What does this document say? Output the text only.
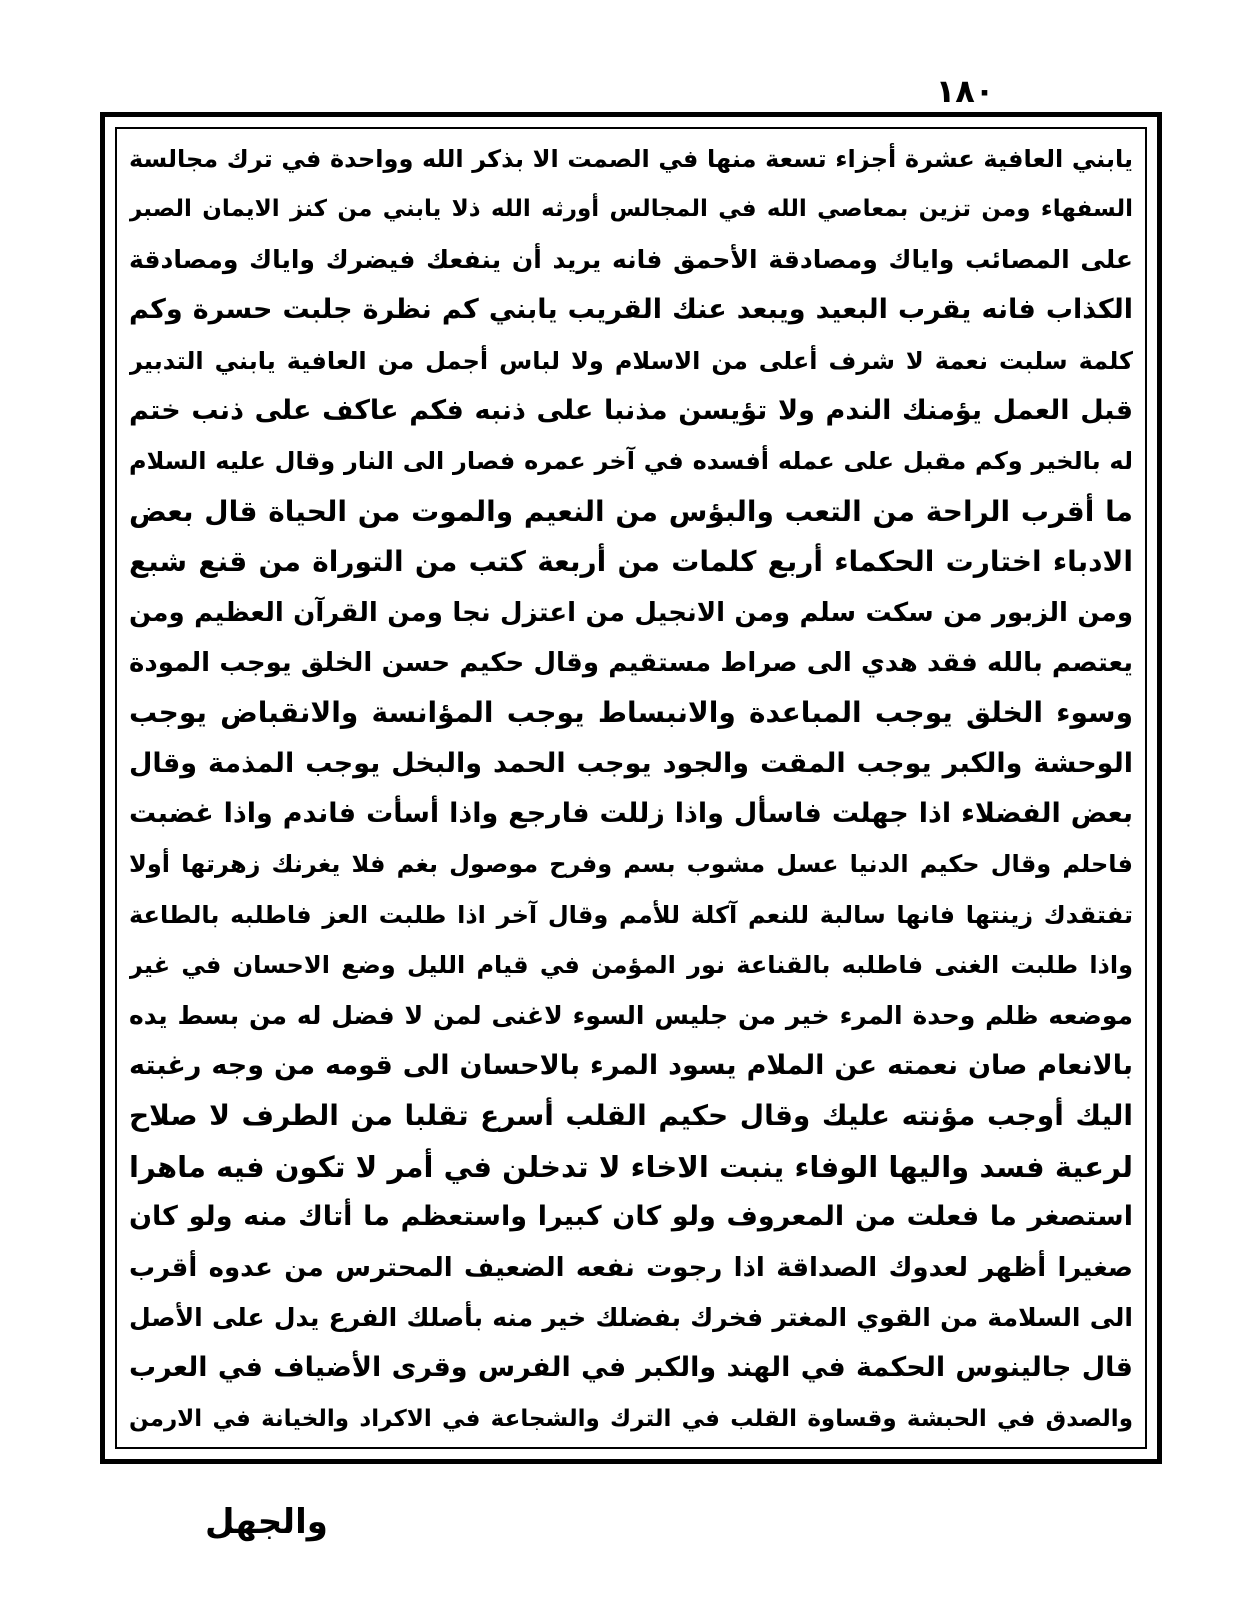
١٨٠
يابني العافية عشرة أجزاء تسعة منها في الصمت الا بذكر الله وواحدة في ترك مجالسة
السفهاء ومن تزين بمعاصي الله في المجالس أورثه الله ذلا يابني من كنز الايمان الصبر
على المصائب واياك ومصادقة الأحمق فانه يريد أن ينفعك فيضرك واياك ومصادقة
الكذاب فانه يقرب البعيد ويبعد عنك القريب يابني كم نظرة جلبت حسرة وكم
كلمة سلبت نعمة لا شرف أعلى من الاسلام ولا لباس أجمل من العافية يابني التدبير
قبل العمل يؤمنك الندم ولا تؤيسن مذنبا على ذنبه فكم عاكف على ذنب ختم
له بالخير وكم مقبل على عمله أفسده في آخر عمره فصار الى النار وقال عليه السلام
ما أقرب الراحة من التعب والبؤس من النعيم والموت من الحياة قال بعض
الادباء اختارت الحكماء أربع كلمات من أربعة كتب من التوراة من قنع شبع
ومن الزبور من سكت سلم ومن الانجيل من اعتزل نجا ومن القرآن العظيم ومن
يعتصم بالله فقد هدي الى صراط مستقيم وقال حكيم حسن الخلق يوجب المودة
وسوء الخلق يوجب المباعدة والانبساط يوجب المؤانسة والانقباض يوجب
الوحشة والكبر يوجب المقت والجود يوجب الحمد والبخل يوجب المذمة وقال
بعض الفضلاء اذا جهلت فاسأل واذا زللت فارجع واذا أسأت فاندم واذا غضبت
فاحلم وقال حكيم الدنيا عسل مشوب بسم وفرح موصول بغم فلا يغرنك زهرتها أولا
تفتقدك زينتها فانها سالبة للنعم آكلة للأمم وقال آخر اذا طلبت العز فاطلبه بالطاعة
واذا طلبت الغنى فاطلبه بالقناعة نور المؤمن في قيام الليل وضع الاحسان في غير
موضعه ظلم وحدة المرء خير من جليس السوء لاغنى لمن لا فضل له من بسط يده
بالانعام صان نعمته عن الملام يسود المرء بالاحسان الى قومه من وجه رغبته
اليك أوجب مؤنته عليك وقال حكيم القلب أسرع تقلبا من الطرف لا صلاح
لرعية فسد واليها الوفاء ينبت الاخاء لا تدخلن في أمر لا تكون فيه ماهرا
استصغر ما فعلت من المعروف ولو كان كبيرا واستعظم ما أتاك منه ولو كان
صغيرا أظهر لعدوك الصداقة اذا رجوت نفعه الضعيف المحترس من عدوه أقرب
الى السلامة من القوي المغتر فخرك بفضلك خير منه بأصلك الفرع يدل على الأصل
قال جالينوس الحكمة في الهند والكبر في الفرس وقرى الأضياف في العرب
والصدق في الحبشة وقساوة القلب في الترك والشجاعة في الاكراد والخيانة في الارمن
والجهل
